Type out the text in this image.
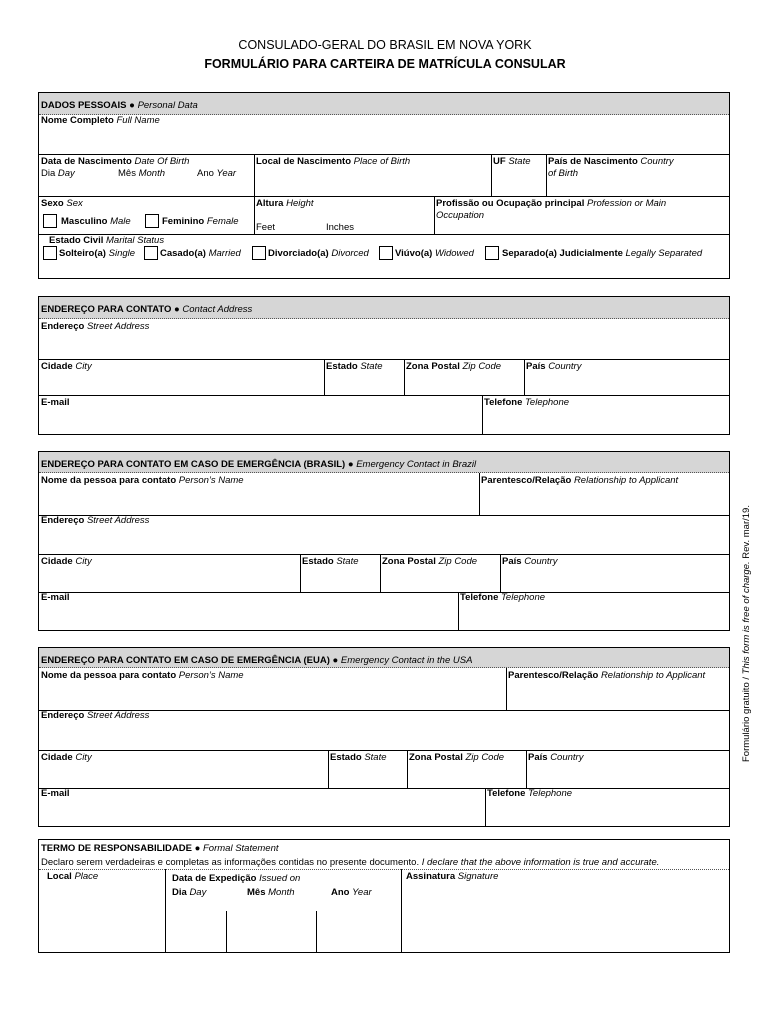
CONSULADO-GERAL DO BRASIL EM NOVA YORK
FORMULÁRIO PARA CARTEIRA DE MATRÍCULA CONSULAR
DADOS PESSOAIS ● Personal Data
Nome Completo Full Name
Data de Nascimento Date Of Birth
Dia Day	Mês Month	Ano Year
Local de Nascimento Place of Birth	UF State País de Nascimento Country
of Birth
Sexo Sex
Masculino Male	Feminino Female
Altura Height
Feet	Inches
Profissão ou Ocupação principal Profession or Main
Occupation
Estado Civil Marital Status
Solteiro(a) Single	Casado(a) Married	Divorciado(a) Divorced	Viúvo(a) Widowed	Separado(a) Judicialmente Legally Separated
ENDEREÇO PARA CONTATO ● Contact Address
Endereço Street Address
Cidade City	Estado State Zona Postal Zip Code	País Country
E-mail	Telefone Telephone
ENDEREÇO PARA CONTATO EM CASO DE EMERGÊNCIA (BRASIL) ● Emergency Contact in Brazil
Nome da pessoa para contato Person’s Name	Parentesco/Relação Relationship to Applicant
Endereço Street Address
Cidade City	Estado State Zona Postal Zip Code	País Country
E-mail	Telefone Telephone
ENDEREÇO PARA CONTATO EM CASO DE EMERGÊNCIA (EUA) ● Emergency Contact in the USA
Nome da pessoa para contato Person’s Name	Parentesco/Relação Relationship to Applicant
Endereço Street Address
Cidade City	Estado State Zona Postal Zip Code	País Country
E-mail	Telefone Telephone
TERMO DE RESPONSABILIDADE ● Formal Statement
Declaro serem verdadeiras e completas as informações contidas no presente documento. I declare that the above information is true and accurate.
Local Place	Data de Expedição Issued on
Dia Day	Mês Month	Ano Year
Assinatura Signature
Formulário gratuito / This form is free of charge. Rev. mar/19.
